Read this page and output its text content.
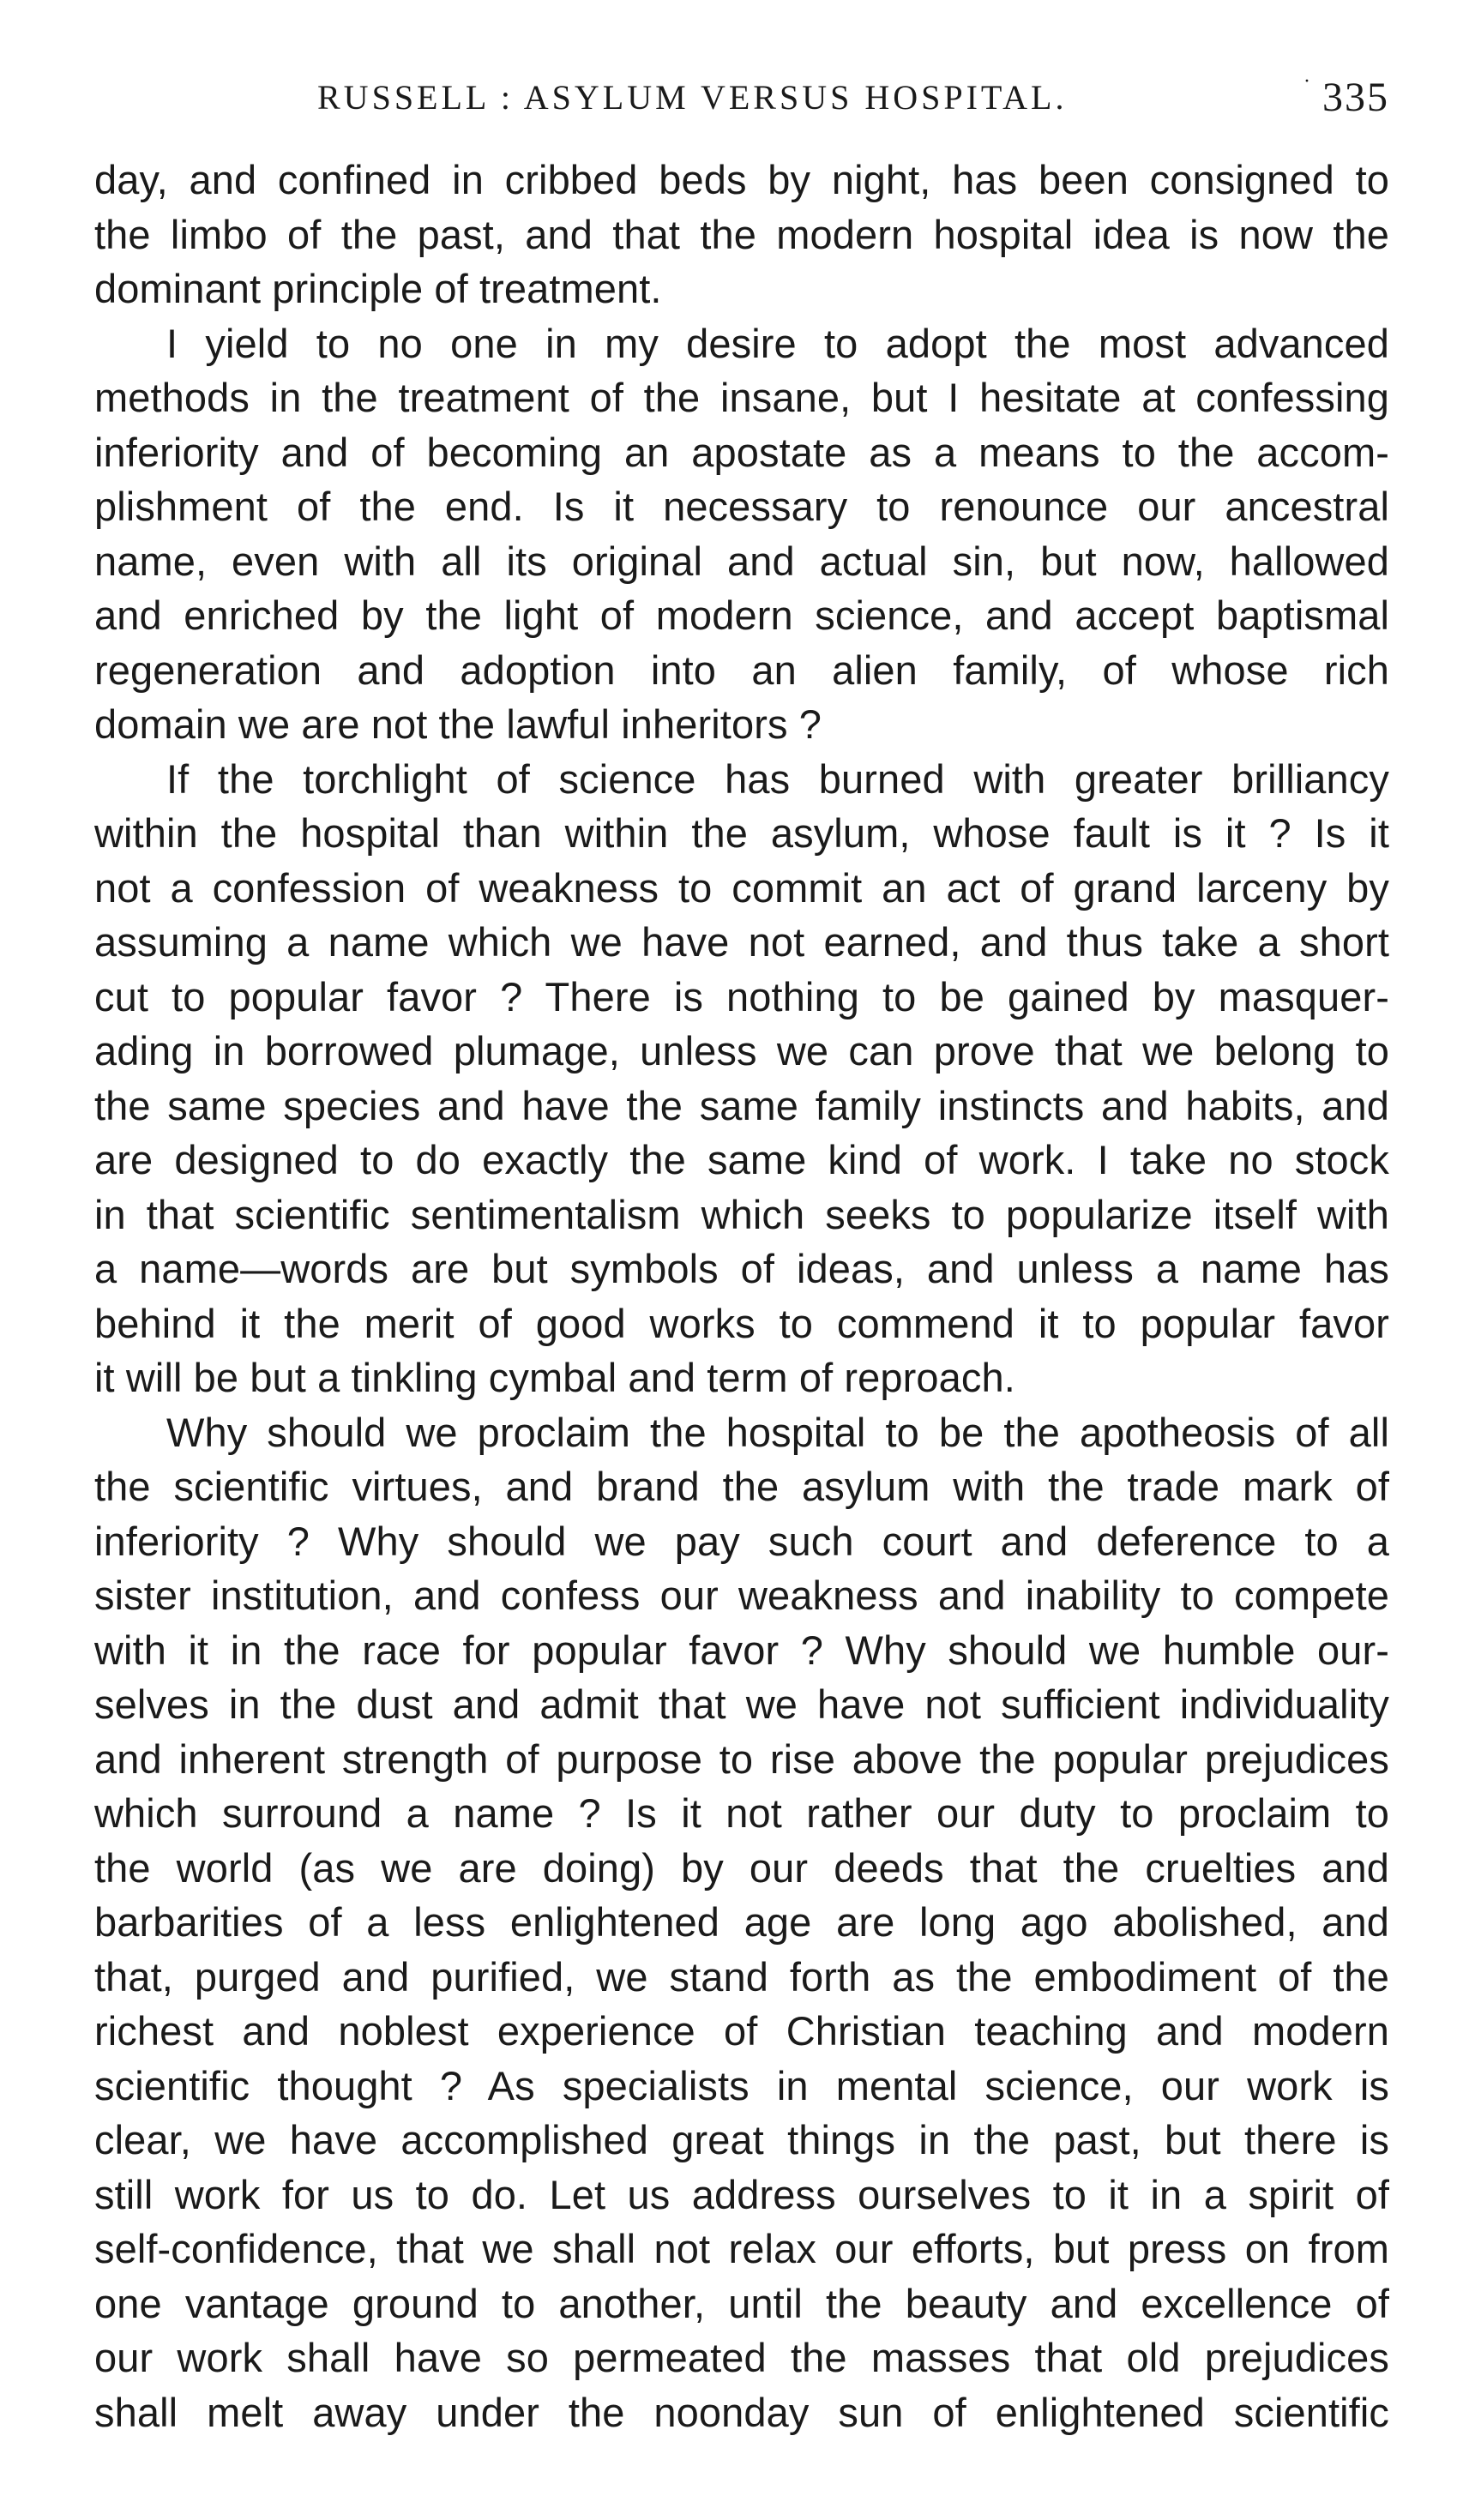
RUSSELL : ASYLUM VERSUS HOSPITAL.	· 335
day, and confined in cribbed beds by night, has been consigned to
the limbo of the past, and that the modern hospital idea is now the
dominant principle of treatment.
I yield to no one in my desire to adopt the most advanced
methods in the treatment of the insane, but I hesitate at confessing
inferiority and of becoming an apostate as a means to the accom-
plishment of the end. Is it necessary to renounce our ancestral
name, even with all its original and actual sin, but now, hallowed
and enriched by the light of modern science, and accept baptismal
regeneration and adoption into an alien family, of whose rich
domain we are not the lawful inheritors ?
If the torchlight of science has burned with greater brilliancy
within the hospital than within the asylum, whose fault is it ? Is it
not a confession of weakness to commit an act of grand larceny by
assuming a name which we have not earned, and thus take a short
cut to popular favor ? There is nothing to be gained by masquer-
ading in borrowed plumage, unless we can prove that we belong to
the same species and have the same family instincts and habits, and
are designed to do exactly the same kind of work. I take no stock
in that scientific sentimentalism which seeks to popularize itself with
a name—words are but symbols of ideas, and unless a name has
behind it the merit of good works to commend it to popular favor
it will be but a tinkling cymbal and term of reproach.
Why should we proclaim the hospital to be the apotheosis of all
the scientific virtues, and brand the asylum with the trade mark of
inferiority ? Why should we pay such court and deference to a
sister institution, and confess our weakness and inability to compete
with it in the race for popular favor ? Why should we humble our-
selves in the dust and admit that we have not sufficient individuality
and inherent strength of purpose to rise above the popular prejudices
which surround a name ? Is it not rather our duty to proclaim to
the world (as we are doing) by our deeds that the cruelties and
barbarities of a less enlightened age are long ago abolished, and
that, purged and purified, we stand forth as the embodiment of the
richest and noblest experience of Christian teaching and modern
scientific thought ? As specialists in mental science, our work is
clear, we have accomplished great things in the past, but there is
still work for us to do. Let us address ourselves to it in a spirit of
self-confidence, that we shall not relax our efforts, but press on from
one vantage ground to another, until the beauty and excellence of
our work shall have so permeated the masses that old prejudices
shall melt away under the noonday sun of enlightened scientific
